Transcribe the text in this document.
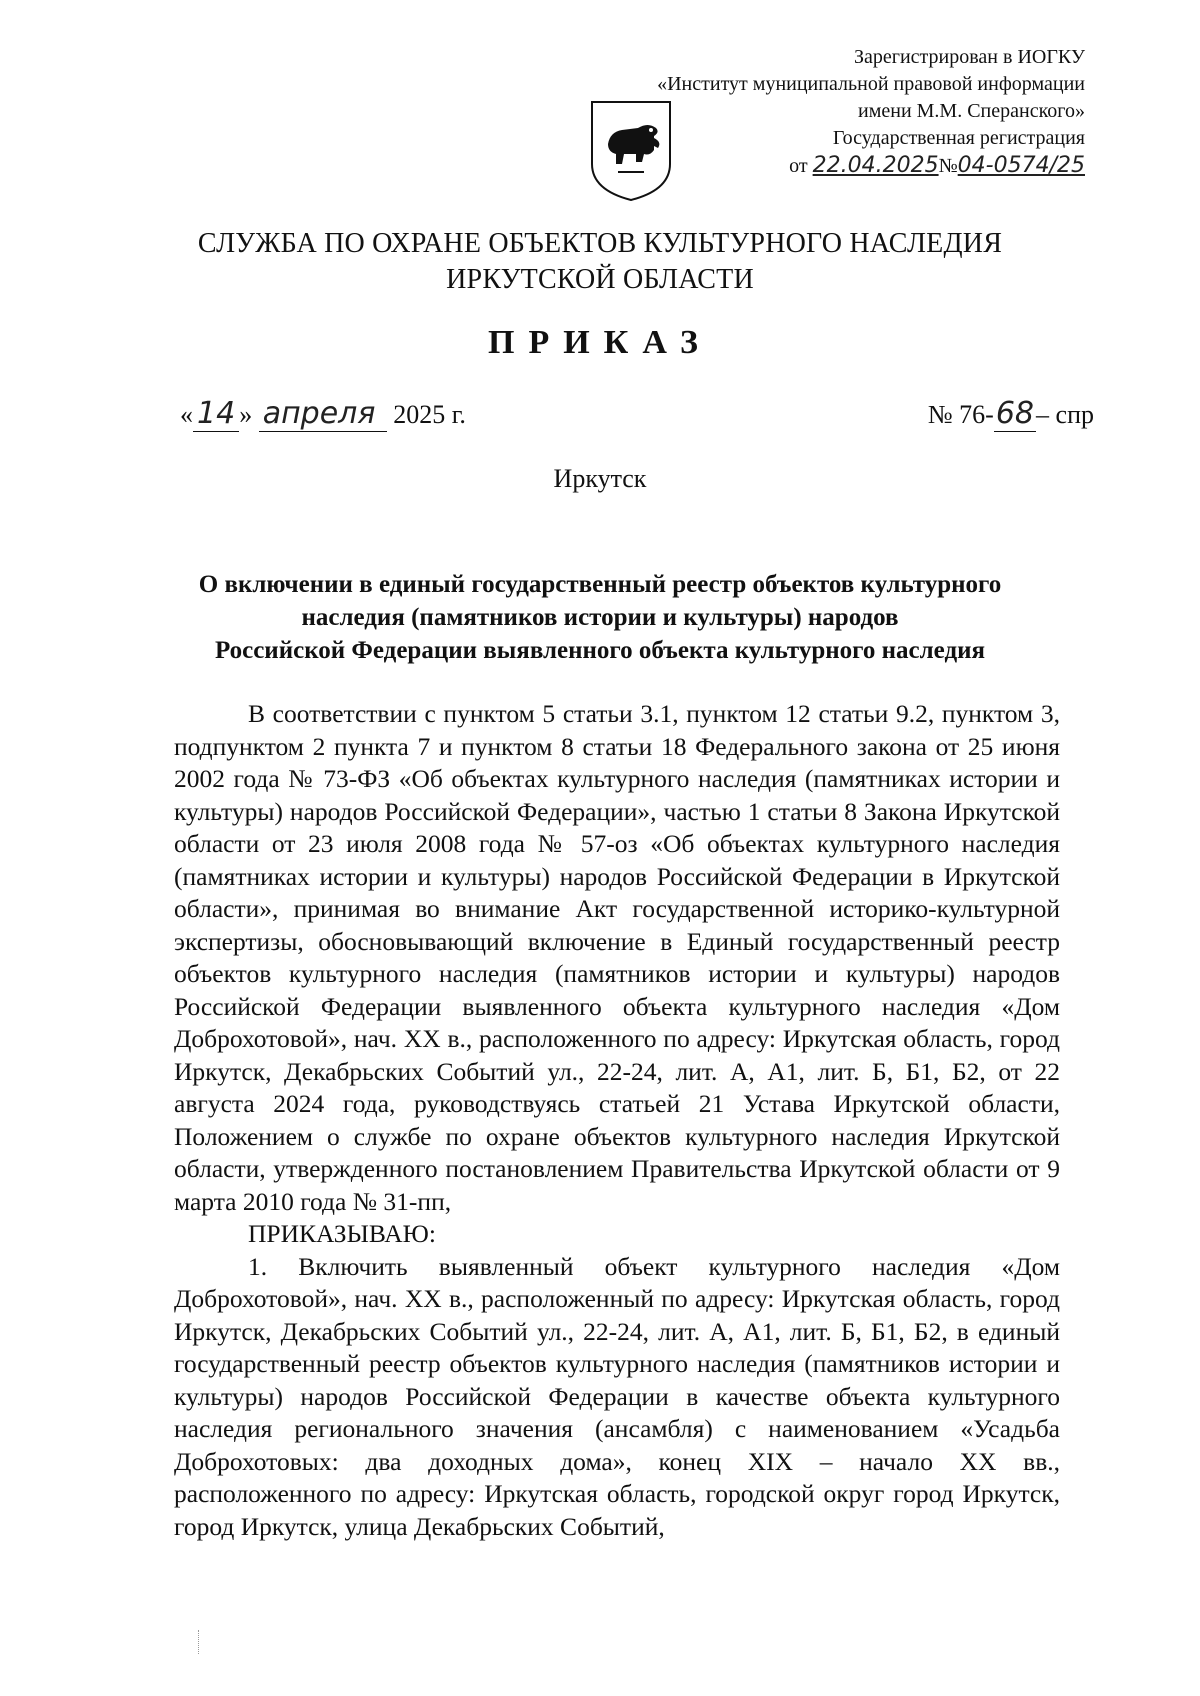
Зарегистрирован в ИОГКУ
«Институт муниципальной правовой информации
имени М.М. Сперанского»
Государственная регистрация
от 22.04.2025№04-0574/25
СЛУЖБА ПО ОХРАНЕ ОБЪЕКТОВ КУЛЬТУРНОГО НАСЛЕДИЯ
ИРКУТСКОЙ ОБЛАСТИ
ПРИКАЗ
« 14 » апреля 2025 г.	№ 76-68– спр
Иркутск
О включении в единый государственный реестр объектов культурного
наследия (памятников истории и культуры) народов
Российской Федерации выявленного объекта культурного наследия

В соответствии с пунктом 5 статьи 3.1, пунктом 12 статьи 9.2, пунктом 3, подпунктом 2 пункта 7 и пунктом 8 статьи 18 Федерального закона от 25 июня 2002 года № 73-ФЗ «Об объектах культурного наследия (памятниках истории и культуры) народов Российской Федерации», частью 1 статьи 8 Закона Иркутской области от 23 июля 2008 года № 57-оз «Об объектах культурного наследия (памятниках истории и культуры) народов Российской Федерации в Иркутской области», принимая во внимание Акт государственной историко-культурной экспертизы, обосновывающий включение в Единый государственный реестр объектов культурного наследия (памятников истории и культуры) народов Российской Федерации выявленного объекта культурного наследия «Дом Доброхотовой», нач. XX в., расположенного по адресу: Иркутская область, город Иркутск, Декабрьских Событий ул., 22-24, лит. А, А1, лит. Б, Б1, Б2, от 22 августа 2024 года, руководствуясь статьей 21 Устава Иркутской области, Положением о службе по охране объектов культурного наследия Иркутской области, утвержденного постановлением Правительства Иркутской области от 9 марта 2010 года № 31-пп,

ПРИКАЗЫВАЮ:

1. Включить выявленный объект культурного наследия «Дом Доброхотовой», нач. XX в., расположенный по адресу: Иркутская область, город Иркутск, Декабрьских Событий ул., 22-24, лит. А, А1, лит. Б, Б1, Б2, в единый государственный реестр объектов культурного наследия (памятников истории и культуры) народов Российской Федерации в качестве объекта культурного наследия регионального значения (ансамбля) с наименованием «Усадьба Доброхотовых: два доходных дома», конец XIX – начало XX вв., расположенного по адресу: Иркутская область, городской округ город Иркутск, город Иркутск, улица Декабрьских Событий,
